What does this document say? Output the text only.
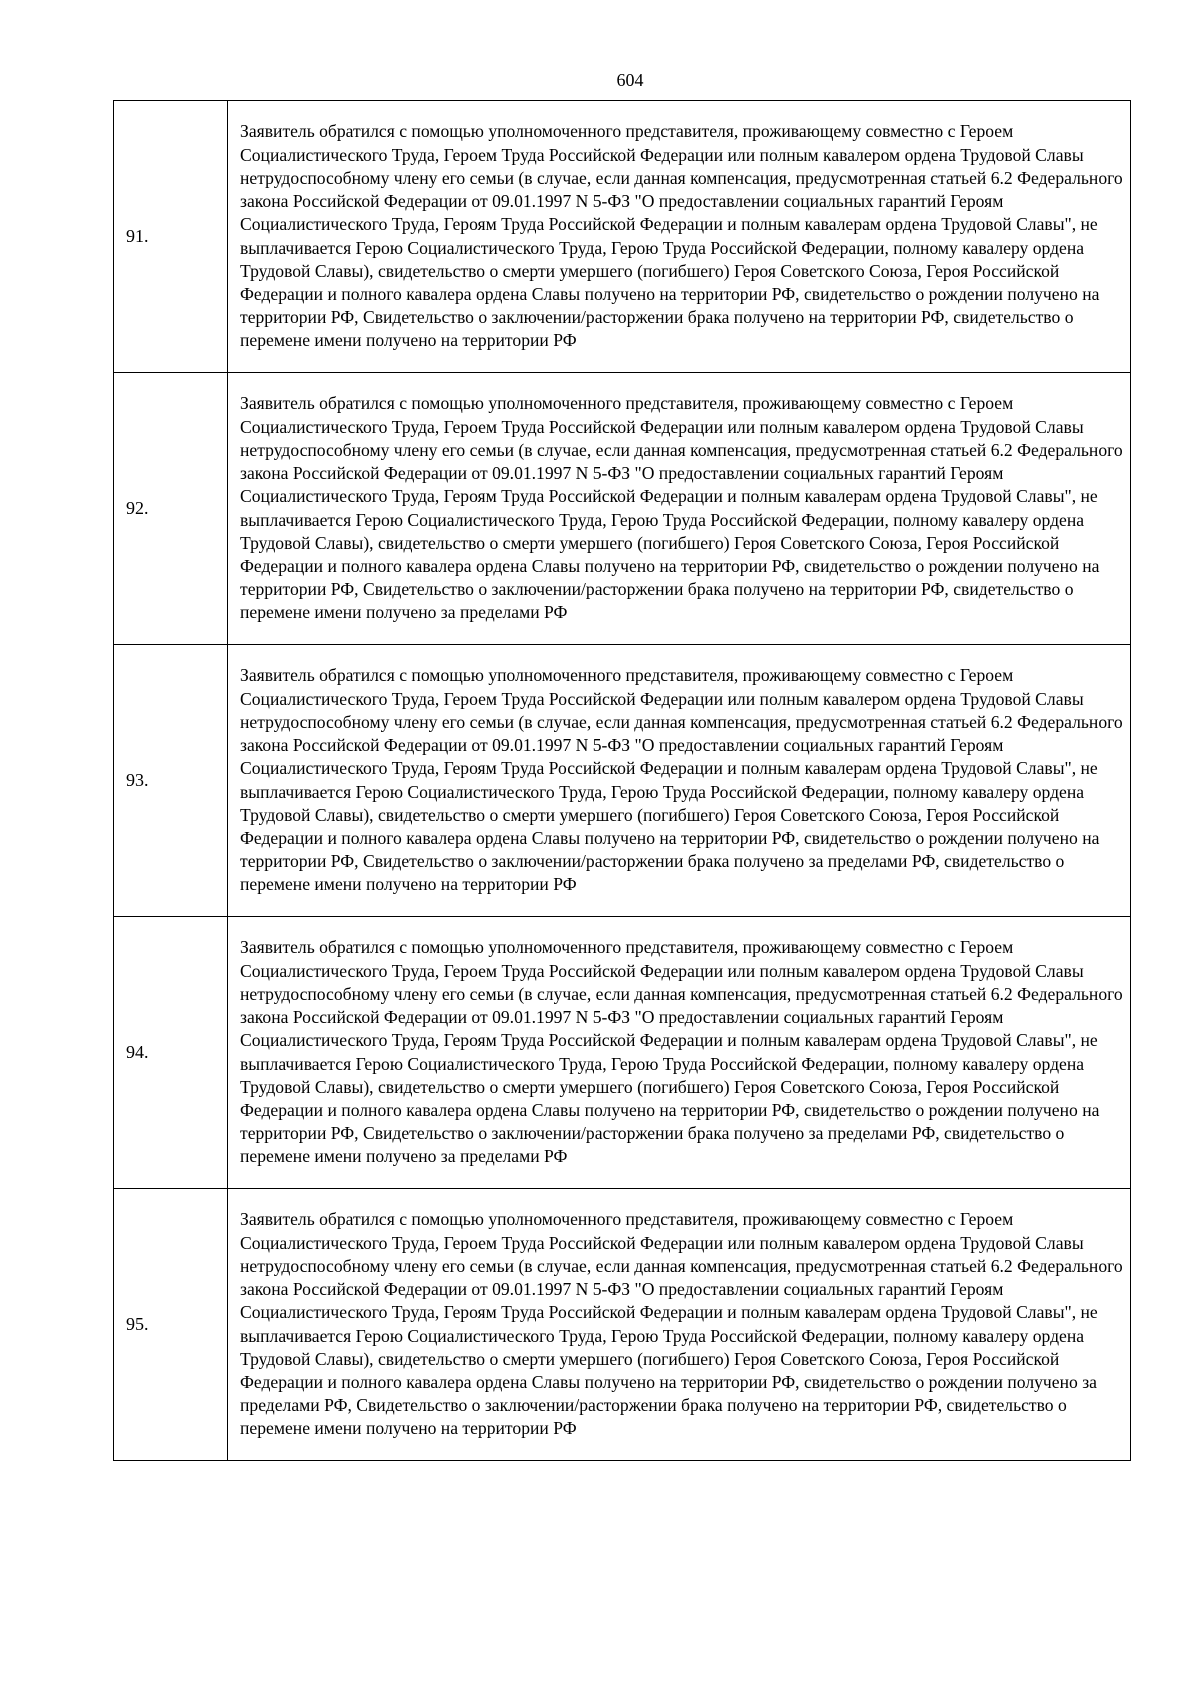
604
91.	Заявитель обратился с помощью уполномоченного представителя, проживающему совместно с Героем Социалистического Труда, Героем Труда Российской Федерации или полным кавалером ордена Трудовой Славы нетрудоспособному члену его семьи (в случае, если данная компенсация, предусмотренная статьей 6.2 Федерального закона Российской Федерации от 09.01.1997 N 5-ФЗ "О предоставлении социальных гарантий Героям Социалистического Труда, Героям Труда Российской Федерации и полным кавалерам ордена Трудовой Славы", не выплачивается Герою Социалистического Труда, Герою Труда Российской Федерации, полному кавалеру ордена Трудовой Славы), свидетельство о смерти умершего (погибшего) Героя Советского Союза, Героя Российской Федерации и полного кавалера ордена Славы получено на территории РФ, свидетельство о рождении получено на территории РФ, Свидетельство о заключении/расторжении брака получено на территории РФ, свидетельство о перемене имени получено на территории РФ
92.	Заявитель обратился с помощью уполномоченного представителя, проживающему совместно с Героем Социалистического Труда, Героем Труда Российской Федерации или полным кавалером ордена Трудовой Славы нетрудоспособному члену его семьи (в случае, если данная компенсация, предусмотренная статьей 6.2 Федерального закона Российской Федерации от 09.01.1997 N 5-ФЗ "О предоставлении социальных гарантий Героям Социалистического Труда, Героям Труда Российской Федерации и полным кавалерам ордена Трудовой Славы", не выплачивается Герою Социалистического Труда, Герою Труда Российской Федерации, полному кавалеру ордена Трудовой Славы), свидетельство о смерти умершего (погибшего) Героя Советского Союза, Героя Российской Федерации и полного кавалера ордена Славы получено на территории РФ, свидетельство о рождении получено на территории РФ, Свидетельство о заключении/расторжении брака получено на территории РФ, свидетельство о перемене имени получено за пределами РФ
93.	Заявитель обратился с помощью уполномоченного представителя, проживающему совместно с Героем Социалистического Труда, Героем Труда Российской Федерации или полным кавалером ордена Трудовой Славы нетрудоспособному члену его семьи (в случае, если данная компенсация, предусмотренная статьей 6.2 Федерального закона Российской Федерации от 09.01.1997 N 5-ФЗ "О предоставлении социальных гарантий Героям Социалистического Труда, Героям Труда Российской Федерации и полным кавалерам ордена Трудовой Славы", не выплачивается Герою Социалистического Труда, Герою Труда Российской Федерации, полному кавалеру ордена Трудовой Славы), свидетельство о смерти умершего (погибшего) Героя Советского Союза, Героя Российской Федерации и полного кавалера ордена Славы получено на территории РФ, свидетельство о рождении получено на территории РФ, Свидетельство о заключении/расторжении брака получено за пределами РФ, свидетельство о перемене имени получено на территории РФ
94.	Заявитель обратился с помощью уполномоченного представителя, проживающему совместно с Героем Социалистического Труда, Героем Труда Российской Федерации или полным кавалером ордена Трудовой Славы нетрудоспособному члену его семьи (в случае, если данная компенсация, предусмотренная статьей 6.2 Федерального закона Российской Федерации от 09.01.1997 N 5-ФЗ "О предоставлении социальных гарантий Героям Социалистического Труда, Героям Труда Российской Федерации и полным кавалерам ордена Трудовой Славы", не выплачивается Герою Социалистического Труда, Герою Труда Российской Федерации, полному кавалеру ордена Трудовой Славы), свидетельство о смерти умершего (погибшего) Героя Советского Союза, Героя Российской Федерации и полного кавалера ордена Славы получено на территории РФ, свидетельство о рождении получено на территории РФ, Свидетельство о заключении/расторжении брака получено за пределами РФ, свидетельство о перемене имени получено за пределами РФ
95.	Заявитель обратился с помощью уполномоченного представителя, проживающему совместно с Героем Социалистического Труда, Героем Труда Российской Федерации или полным кавалером ордена Трудовой Славы нетрудоспособному члену его семьи (в случае, если данная компенсация, предусмотренная статьей 6.2 Федерального закона Российской Федерации от 09.01.1997 N 5-ФЗ "О предоставлении социальных гарантий Героям Социалистического Труда, Героям Труда Российской Федерации и полным кавалерам ордена Трудовой Славы", не выплачивается Герою Социалистического Труда, Герою Труда Российской Федерации, полному кавалеру ордена Трудовой Славы), свидетельство о смерти умершего (погибшего) Героя Советского Союза, Героя Российской Федерации и полного кавалера ордена Славы получено на территории РФ, свидетельство о рождении получено за пределами РФ, Свидетельство о заключении/расторжении брака получено на территории РФ, свидетельство о перемене имени получено на территории РФ
